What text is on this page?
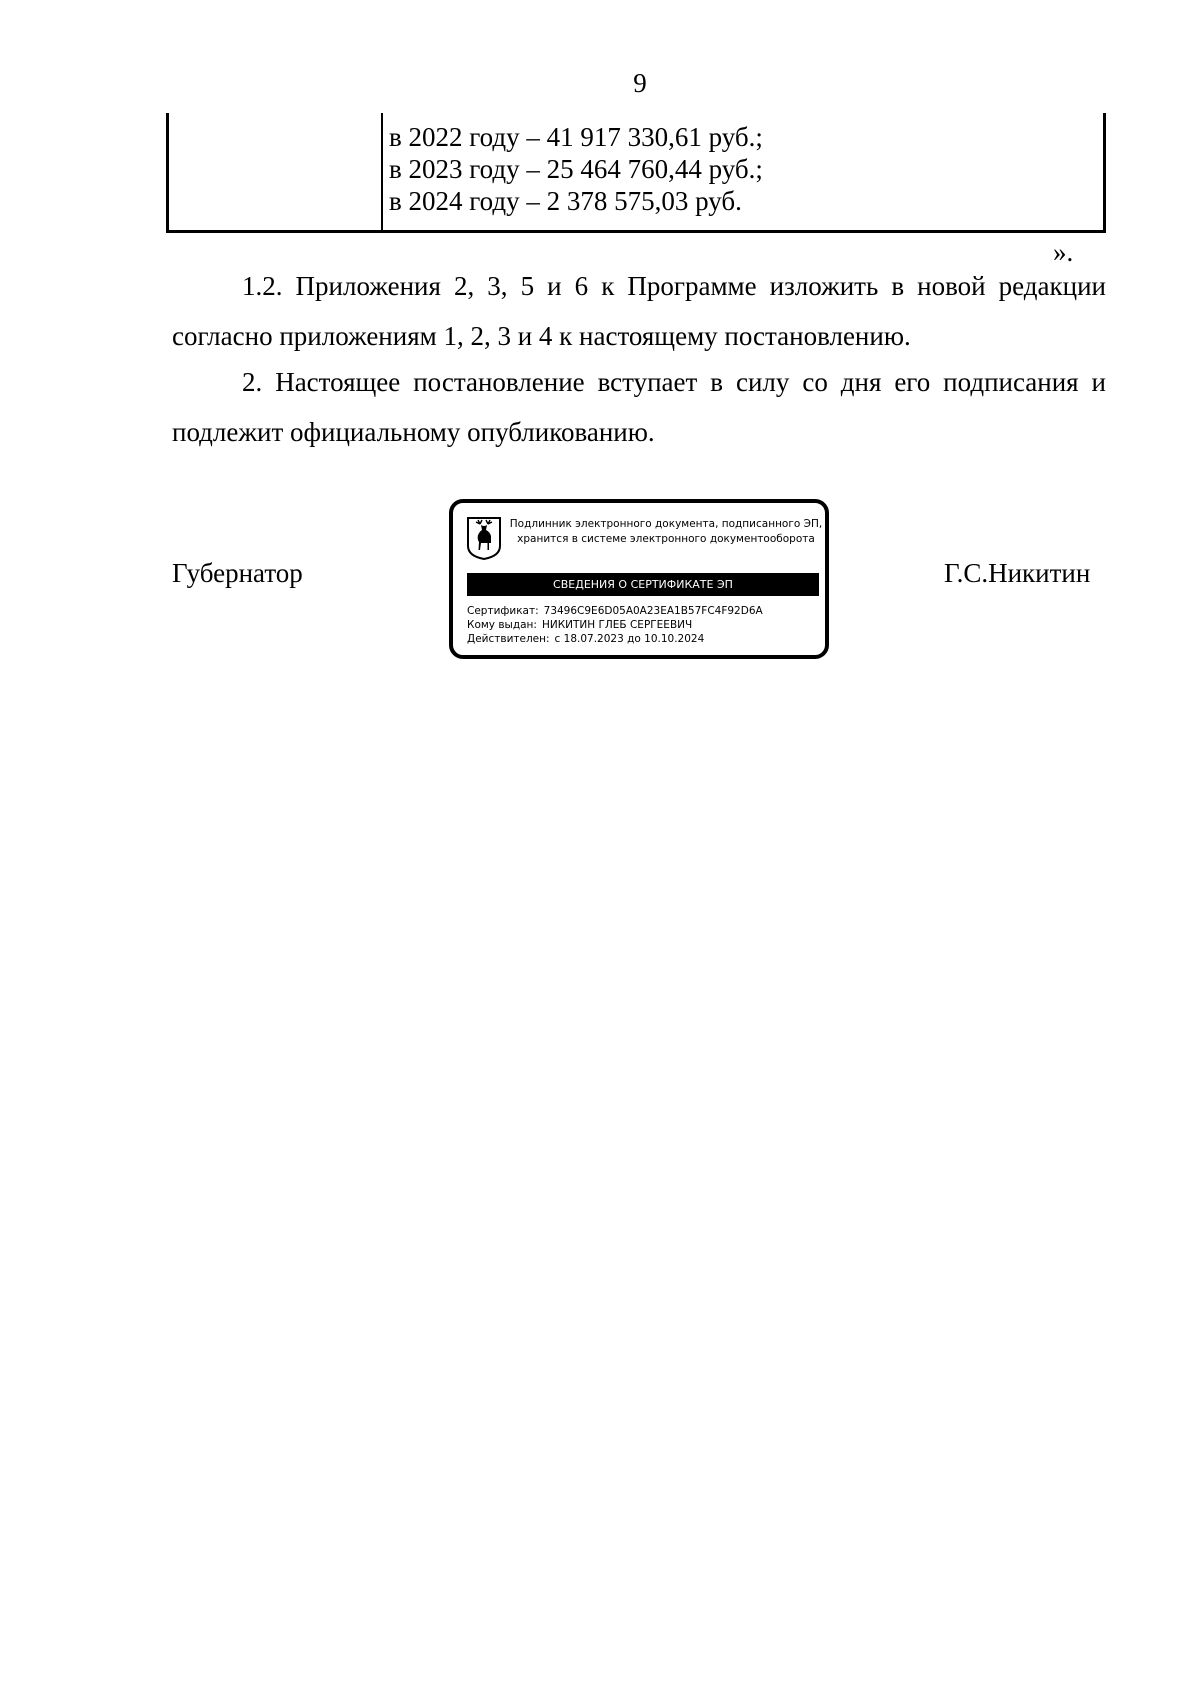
9
в 2022 году – 41 917 330,61 руб.;
в 2023 году – 25 464 760,44 руб.;
в 2024 году – 2 378 575,03 руб.
».

1.2. Приложения 2, 3, 5 и 6 к Программе изложить в новой редакции согласно приложениям 1, 2, 3 и 4 к настоящему постановлению.

2. Настоящее постановление вступает в силу со дня его подписания и подлежит официальному опубликованию.

Губернатор	Г.С.Никитин
Подлинник электронного документа, подписанного ЭП,
хранится в системе электронного документооборота
СВЕДЕНИЯ О СЕРТИФИКАТЕ ЭП
Сертификат: 73496C9E6D05A0A23EA1B57FC4F92D6A
Кому выдан: НИКИТИН ГЛЕБ СЕРГЕЕВИЧ
Действителен: с 18.07.2023 до 10.10.2024
